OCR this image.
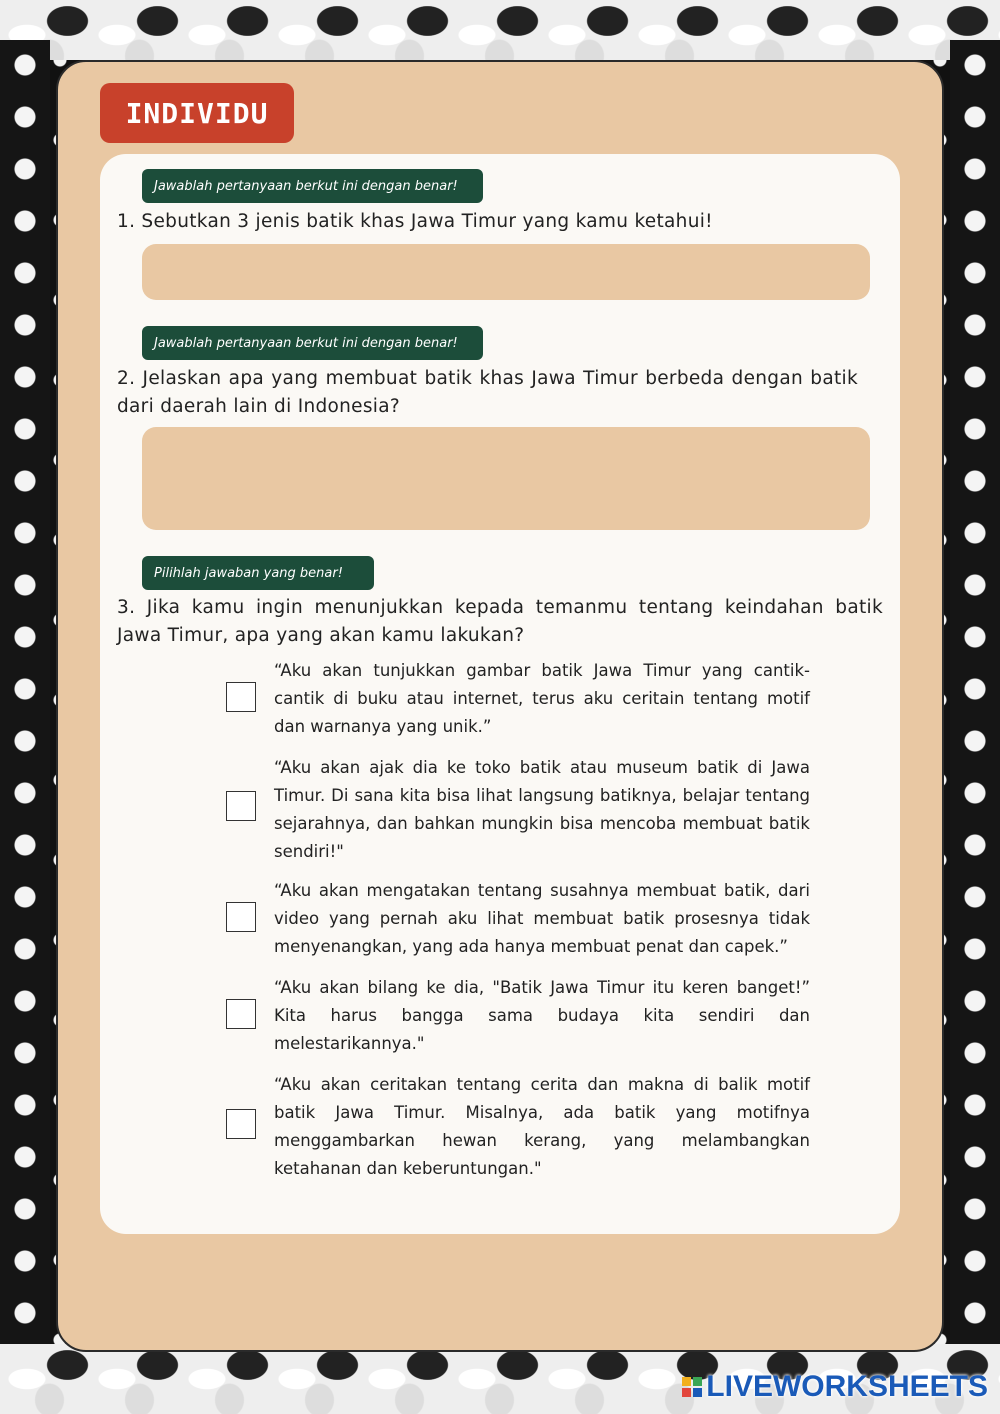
INDIVIDU
Jawablah pertanyaan berkut ini dengan benar!
1. Sebutkan 3 jenis batik khas Jawa Timur yang kamu ketahui!
Jawablah pertanyaan berkut ini dengan benar!
2. Jelaskan apa yang membuat batik khas Jawa Timur berbeda dengan batik dari daerah lain di Indonesia?
Pilihlah jawaban yang benar!
3. Jika kamu ingin menunjukkan kepada temanmu tentang keindahan batik Jawa Timur, apa yang akan kamu lakukan?
“Aku akan tunjukkan gambar batik Jawa Timur yang cantik-cantik di buku atau internet, terus aku ceritain tentang motif dan warnanya yang unik.”
“Aku akan ajak dia ke toko batik atau museum batik di Jawa Timur. Di sana kita bisa lihat langsung batiknya, belajar tentang sejarahnya, dan bahkan mungkin bisa mencoba membuat batik sendiri!"
“Aku akan mengatakan tentang susahnya membuat batik, dari video yang pernah aku lihat membuat batik prosesnya tidak menyenangkan, yang ada hanya membuat penat dan capek.”
“Aku akan bilang ke dia, "Batik Jawa Timur itu keren banget!” Kita harus bangga sama budaya kita sendiri dan melestarikannya."
“Aku akan ceritakan tentang cerita dan makna di balik motif batik Jawa Timur. Misalnya, ada batik yang motifnya menggambarkan hewan kerang, yang melambangkan ketahanan dan keberuntungan."
LIVEWORKSHEETS
